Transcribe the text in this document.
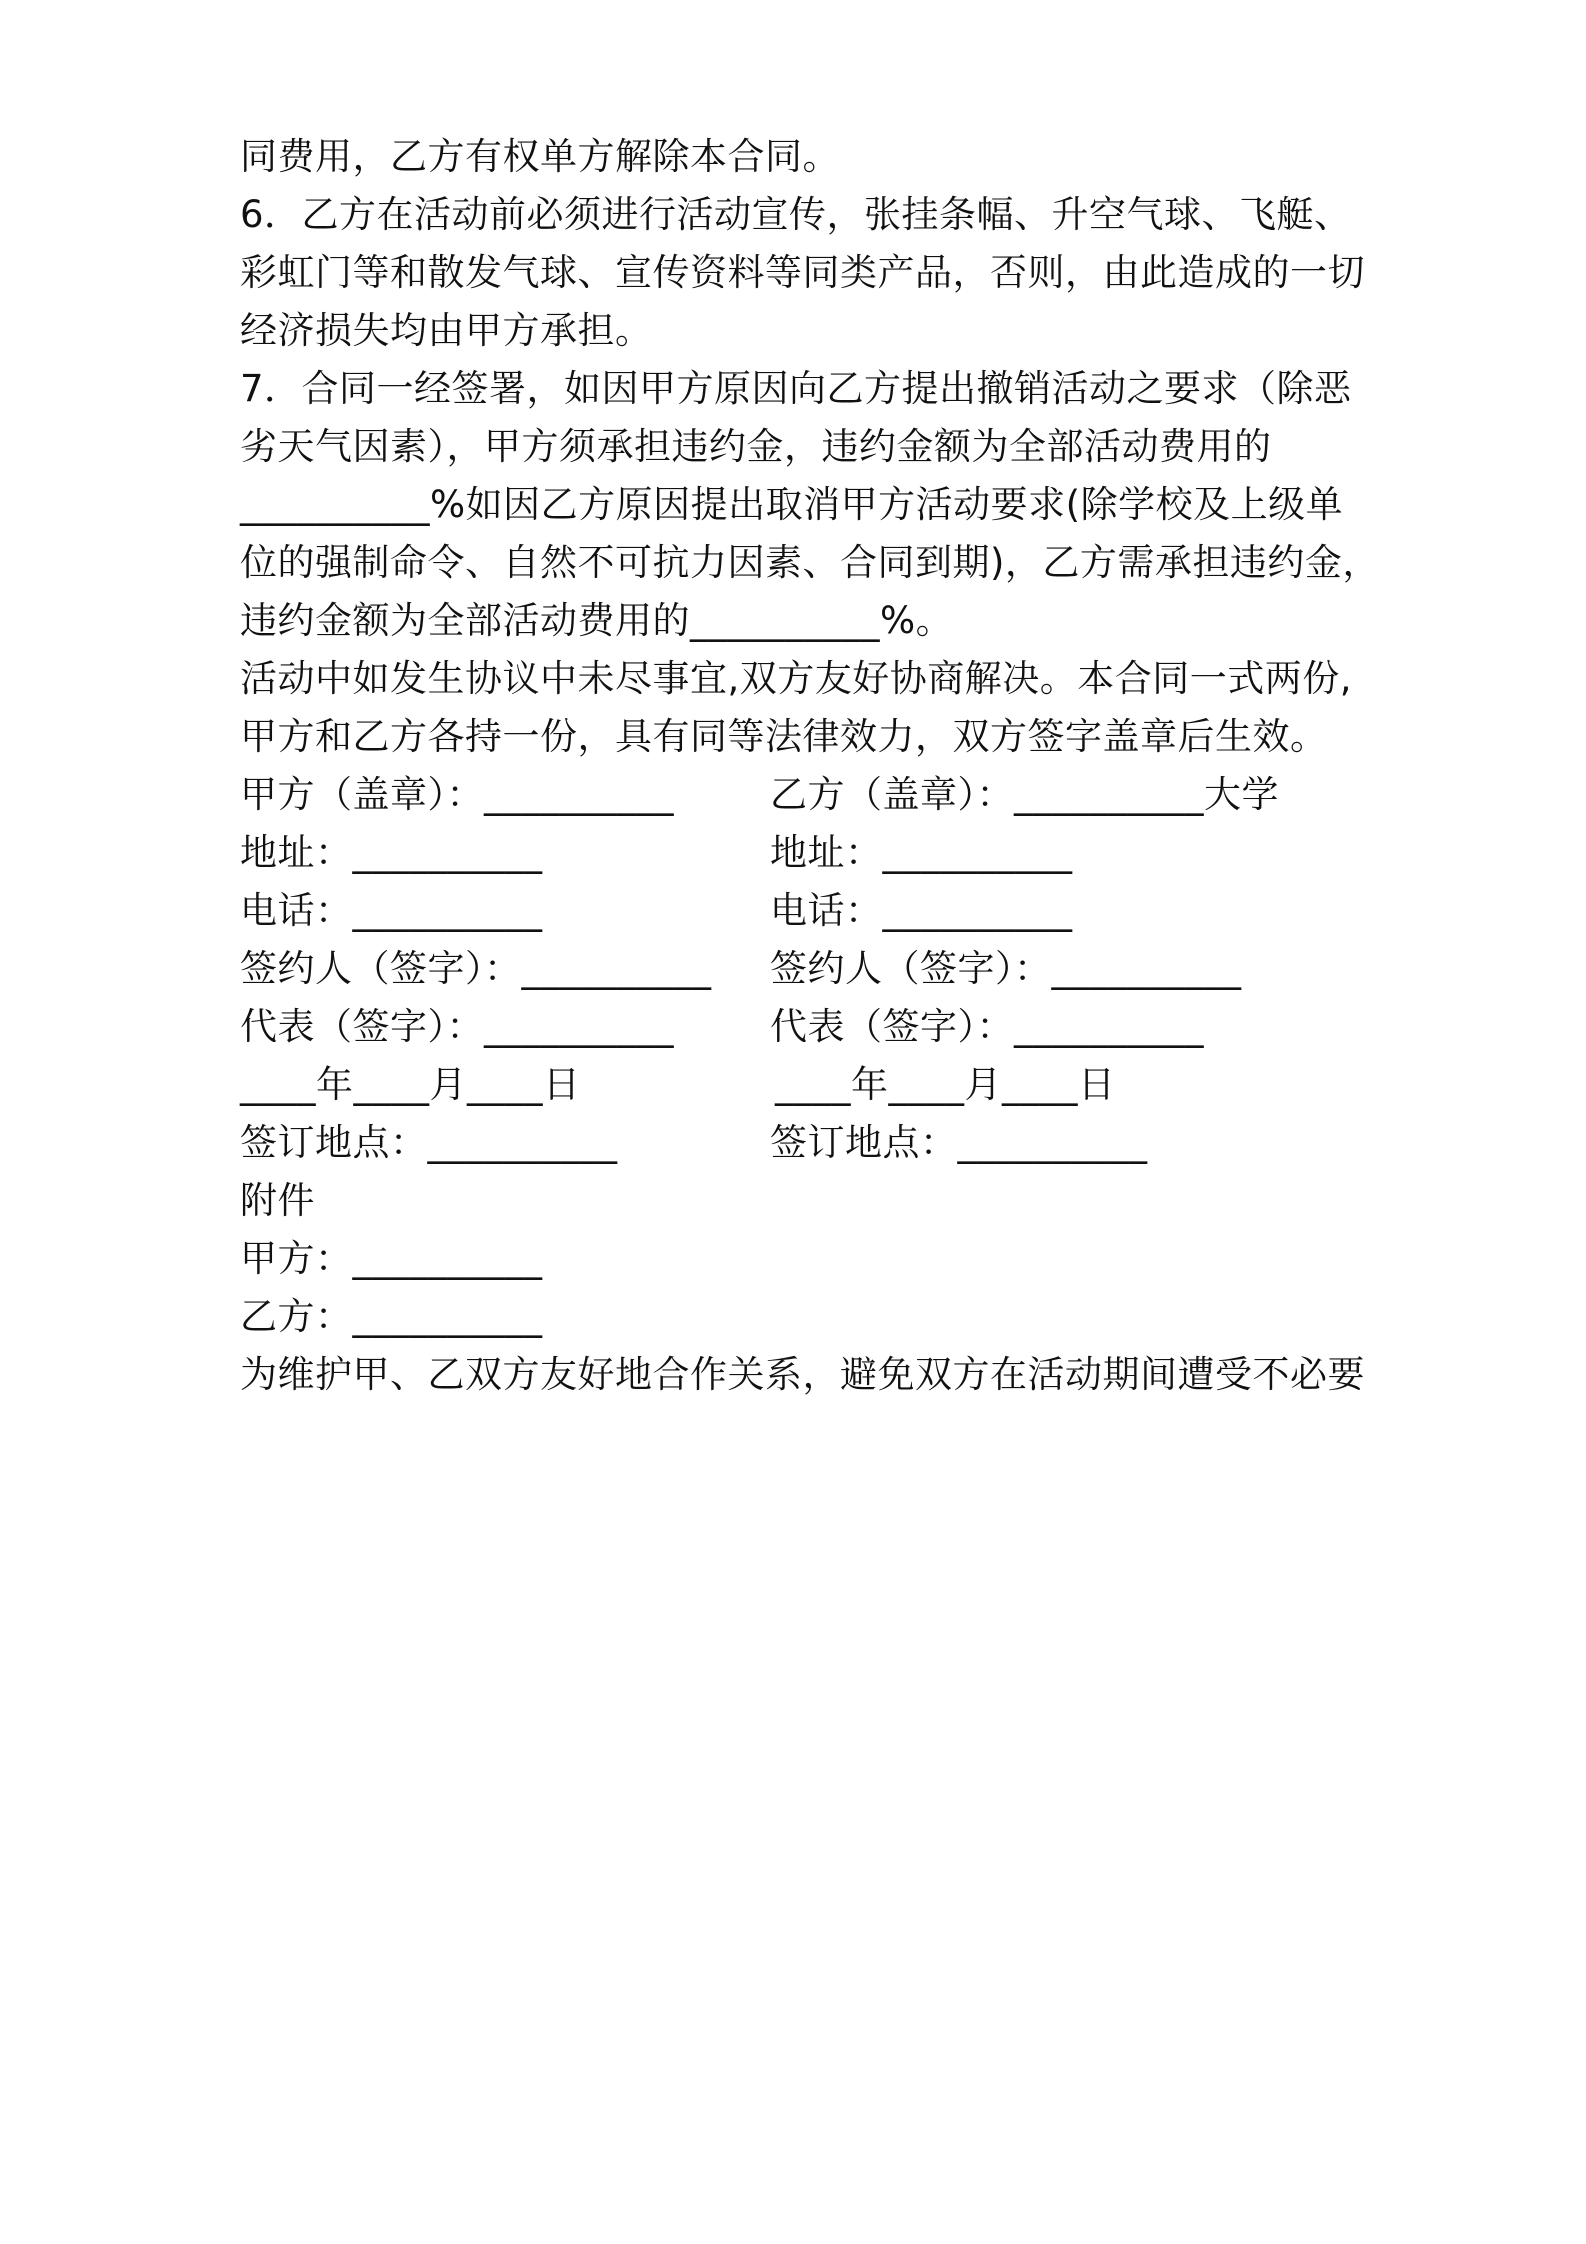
同费用，乙方有权单方解除本合同。
6．乙方在活动前必须进行活动宣传，张挂条幅、升空气球、飞艇、
彩虹门等和散发气球、宣传资料等同类产品，否则，由此造成的一切
经济损失均由甲方承担。
7．合同一经签署，如因甲方原因向乙方提出撤销活动之要求（除恶
劣天气因素），甲方须承担违约金，违约金额为全部活动费用的
__________%如因乙方原因提出取消甲方活动要求(除学校及上级单
位的强制命令、自然不可抗力因素、合同到期)，乙方需承担违约金，
违约金额为全部活动费用的__________%。
活动中如发生协议中未尽事宜,双方友好协商解决。本合同一式两份,
甲方和乙方各持一份，具有同等法律效力，双方签字盖章后生效。
甲方（盖章）：__________	乙方（盖章）：__________大学
地址：__________	地址：__________
电话：__________	电话：__________
签约人（签字）：__________ 签约人（签字）：__________
代表（签字）：__________	代表（签字）：__________
____年____月____日	____年____月____日
签订地点：__________	签订地点：__________
附件
甲方：__________
乙方：__________
为维护甲、乙双方友好地合作关系，避免双方在活动期间遭受不必要
